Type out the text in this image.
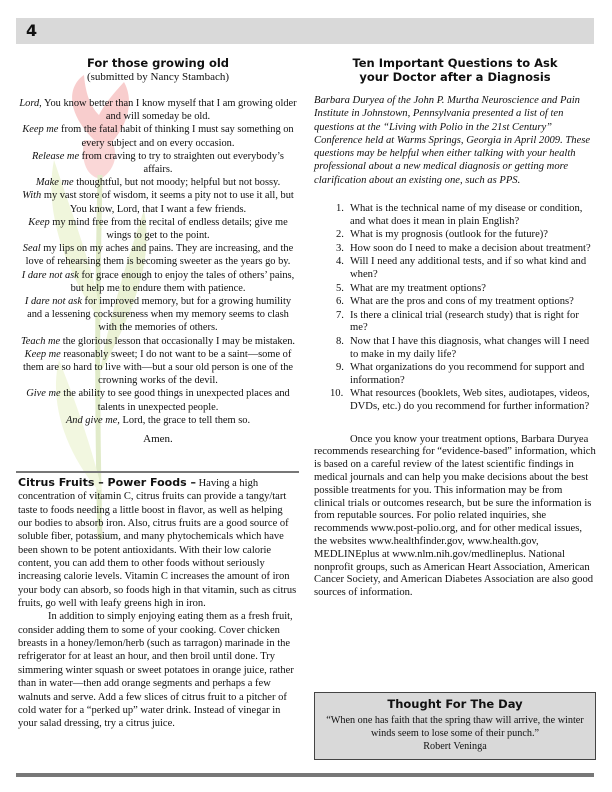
4
For those growing old
(submitted by Nancy Stambach)

Lord, You know better than I know myself that I am growing older and will someday be old.

Keep me from the fatal habit of thinking I must say something on every subject and on every occasion.

Release me from craving to try to straighten out everybody’s affairs.

Make me thoughtful, but not moody; helpful but not bossy.

With my vast store of wisdom, it seems a pity not to use it all, but You know, Lord, that I want a few friends.

Keep my mind free from the recital of endless details; give me wings to get to the point.

Seal my lips on my aches and pains. They are increasing, and the love of rehearsing them is becoming sweeter as the years go by.

I dare not ask for grace enough to enjoy the tales of others’ pains, but help me to endure them with patience.

I dare not ask for improved memory, but for a growing humility and a lessening cocksureness when my memory seems to clash with the memories of others.

Teach me the glorious lesson that occasionally I may be mistaken.

Keep me reasonably sweet; I do not want to be a saint—some of them are so hard to live with—but a sour old person is one of the crowning works of the devil.

Give me the ability to see good things in unexpected places and talents in unexpected people.

And give me, Lord, the grace to tell them so.

Amen.
Citrus Fruits – Power Foods – Having a high concentration of vitamin C, citrus fruits can provide a tangy/tart taste to foods needing a little boost in flavor, as well as helping our bodies to absorb iron. Also, citrus fruits are a good source of soluble fiber, potassium, and many phytochemicals which have been shown to be potent antioxidants. With their low calorie content, you can add them to other foods without seriously increasing calorie levels. Vitamin C increases the amount of iron your body can absorb, so foods high in that vitamin, such as citrus fruits, go well with leafy greens high in iron.
In addition to simply enjoying eating them as a fresh fruit, consider adding them to some of your cooking. Cover chicken breasts in a honey/lemon/herb (such as tarragon) marinade in the refrigerator for at least an hour, and then broil until done. Try simmering winter squash or sweet potatoes in orange juice, rather than in water—then add orange segments and perhaps a few walnuts and serve. Add a few slices of citrus fruit to a pitcher of cold water for a “perked up” water drink. Instead of vinegar in your salad dressing, try a citrus juice.
Ten Important Questions to Ask
your Doctor after a Diagnosis
Barbara Duryea of the John P. Murtha Neuroscience and Pain Institute in Johnstown, Pennsylvania presented a list of ten questions at the “Living with Polio in the 21st Century” Conference held at Warms Springs, Georgia in April 2009. These questions may be helpful when either talking with your health professional about a new medical diagnosis or getting more clarification about an existing one, such as PPS.
1. What is the technical name of my disease or condition, and what does it mean in plain English?
2. What is my prognosis (outlook for the future)?
3. How soon do I need to make a decision about treatment?
4. Will I need any additional tests, and if so what kind and when?
5. What are my treatment options?
6. What are the pros and cons of my treatment options?
7. Is there a clinical trial (research study) that is right for me?
8. Now that I have this diagnosis, what changes will I need to make in my daily life?
9. What organizations do you recommend for support and information?
10. What resources (booklets, Web sites, audiotapes, videos, DVDs, etc.) do you recommend for further information?
Once you know your treatment options, Barbara Duryea recommends researching for “evidence-based” information, which is based on a careful review of the latest scientific findings in medical journals and can help you make decisions about the best possible treatments for you. This information may be from clinical trials or outcomes research, but be sure the information is from reputable sources. For polio related inquiries, she recommends www.post-polio.org, and for other medical issues, the websites www.healthfinder.gov, www.health.gov, MEDLINEplus at www.nlm.nih.gov/medlineplus. National nonprofit groups, such as American Heart Association, American Cancer Society, and American Diabetes Association are also good sources of information.
Thought For The Day
“When one has faith that the spring thaw will arrive, the winter winds seem to lose some of their punch.”
Robert Veninga
